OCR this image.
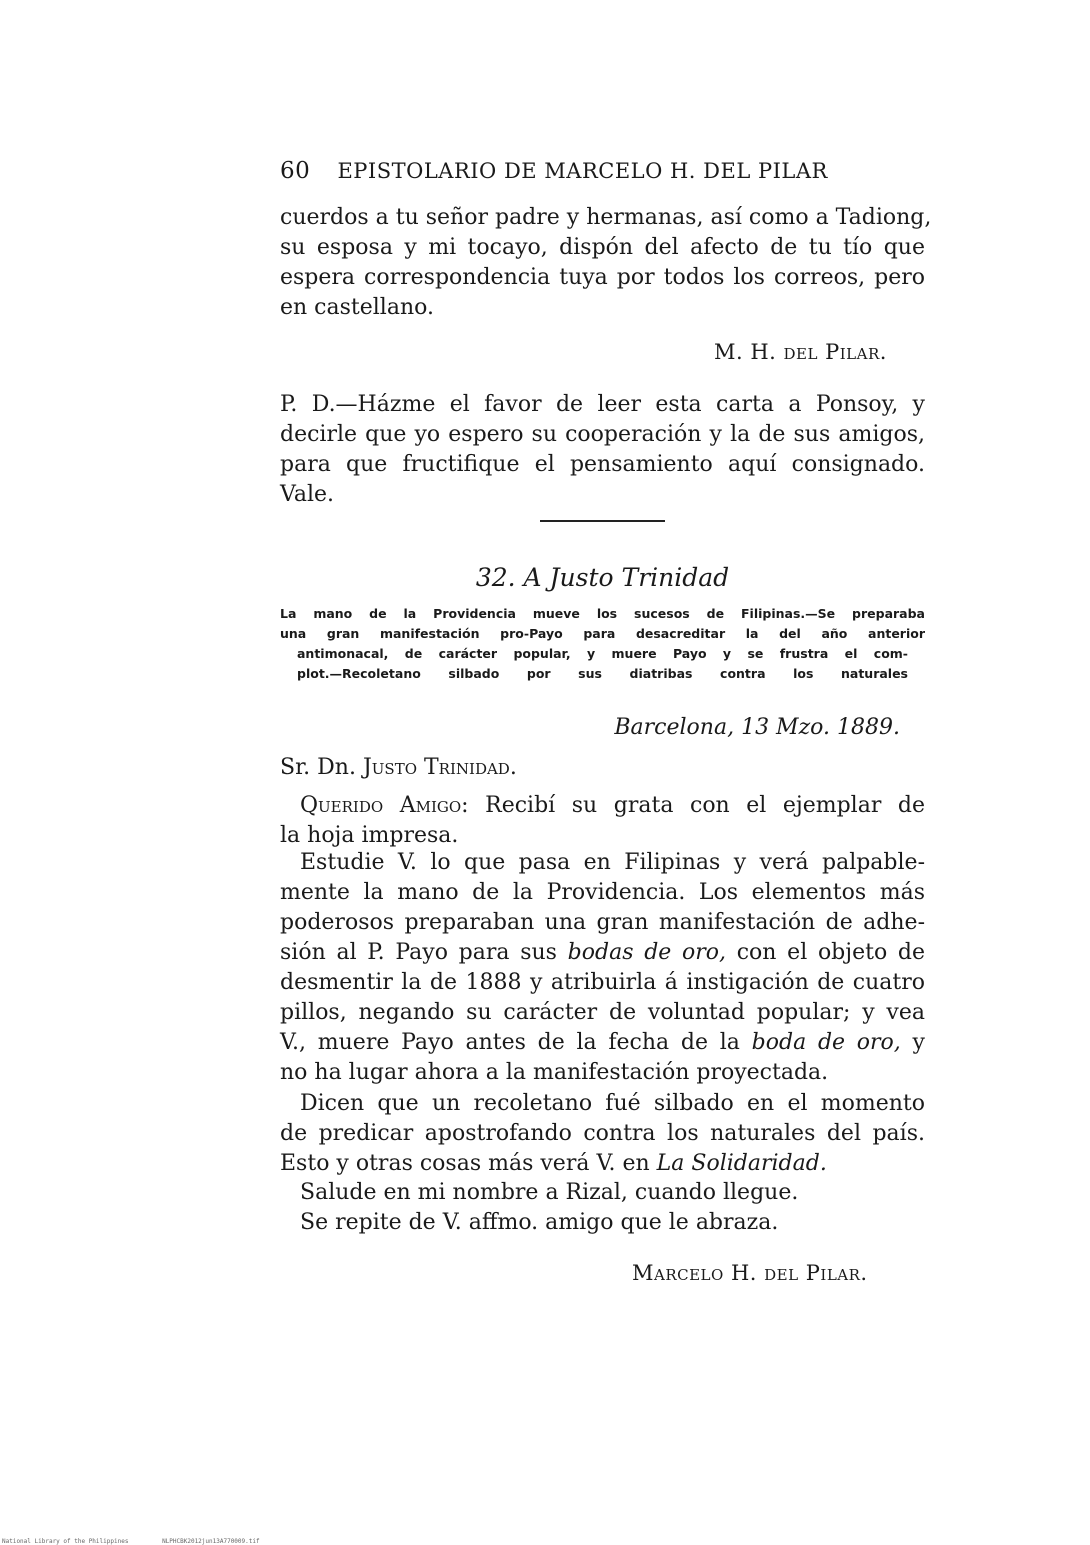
60 EPISTOLARIO DE MARCELO H. DEL PILAR
cuerdos a tu señor padre y hermanas, así como a Tadiong,
su esposa y mi tocayo, dispón del afecto de tu tío que
espera correspondencia tuya por todos los correos, pero
en castellano.
M. H. del Pilar.
P. D.—Házme el favor de leer esta carta a Ponsoy, y
decirle que yo espero su cooperación y la de sus amigos,
para que fructifique el pensamiento aquí consignado.
Vale.
32. A Justo Trinidad
La mano de la Providencia mueve los sucesos de Filipinas.—Se preparaba
una gran manifestación pro-Payo para desacreditar la del año anterior
antimonacal, de carácter popular, y muere Payo y se frustra el com-
plot.—Recoletano silbado por sus diatribas contra los naturales
Barcelona, 13 Mzo. 1889.
Sr. Dn. Justo Trinidad.
Querido Amigo: Recibí su grata con el ejemplar de
la hoja impresa.
Estudie V. lo que pasa en Filipinas y verá palpable-
mente la mano de la Providencia. Los elementos más
poderosos preparaban una gran manifestación de adhe-
sión al P. Payo para sus bodas de oro, con el objeto de
desmentir la de 1888 y atribuirla á instigación de cuatro
pillos, negando su carácter de voluntad popular; y vea
V., muere Payo antes de la fecha de la boda de oro, y
no ha lugar ahora a la manifestación proyectada.
Dicen que un recoletano fué silbado en el momento
de predicar apostrofando contra los naturales del país.
Esto y otras cosas más verá V. en La Solidaridad.
Salude en mi nombre a Rizal, cuando llegue.
Se repite de V. affmo. amigo que le abraza.
Marcelo H. del Pilar.
National Library of the Philippines	NLPHCBK2012jun13A770009.tif
